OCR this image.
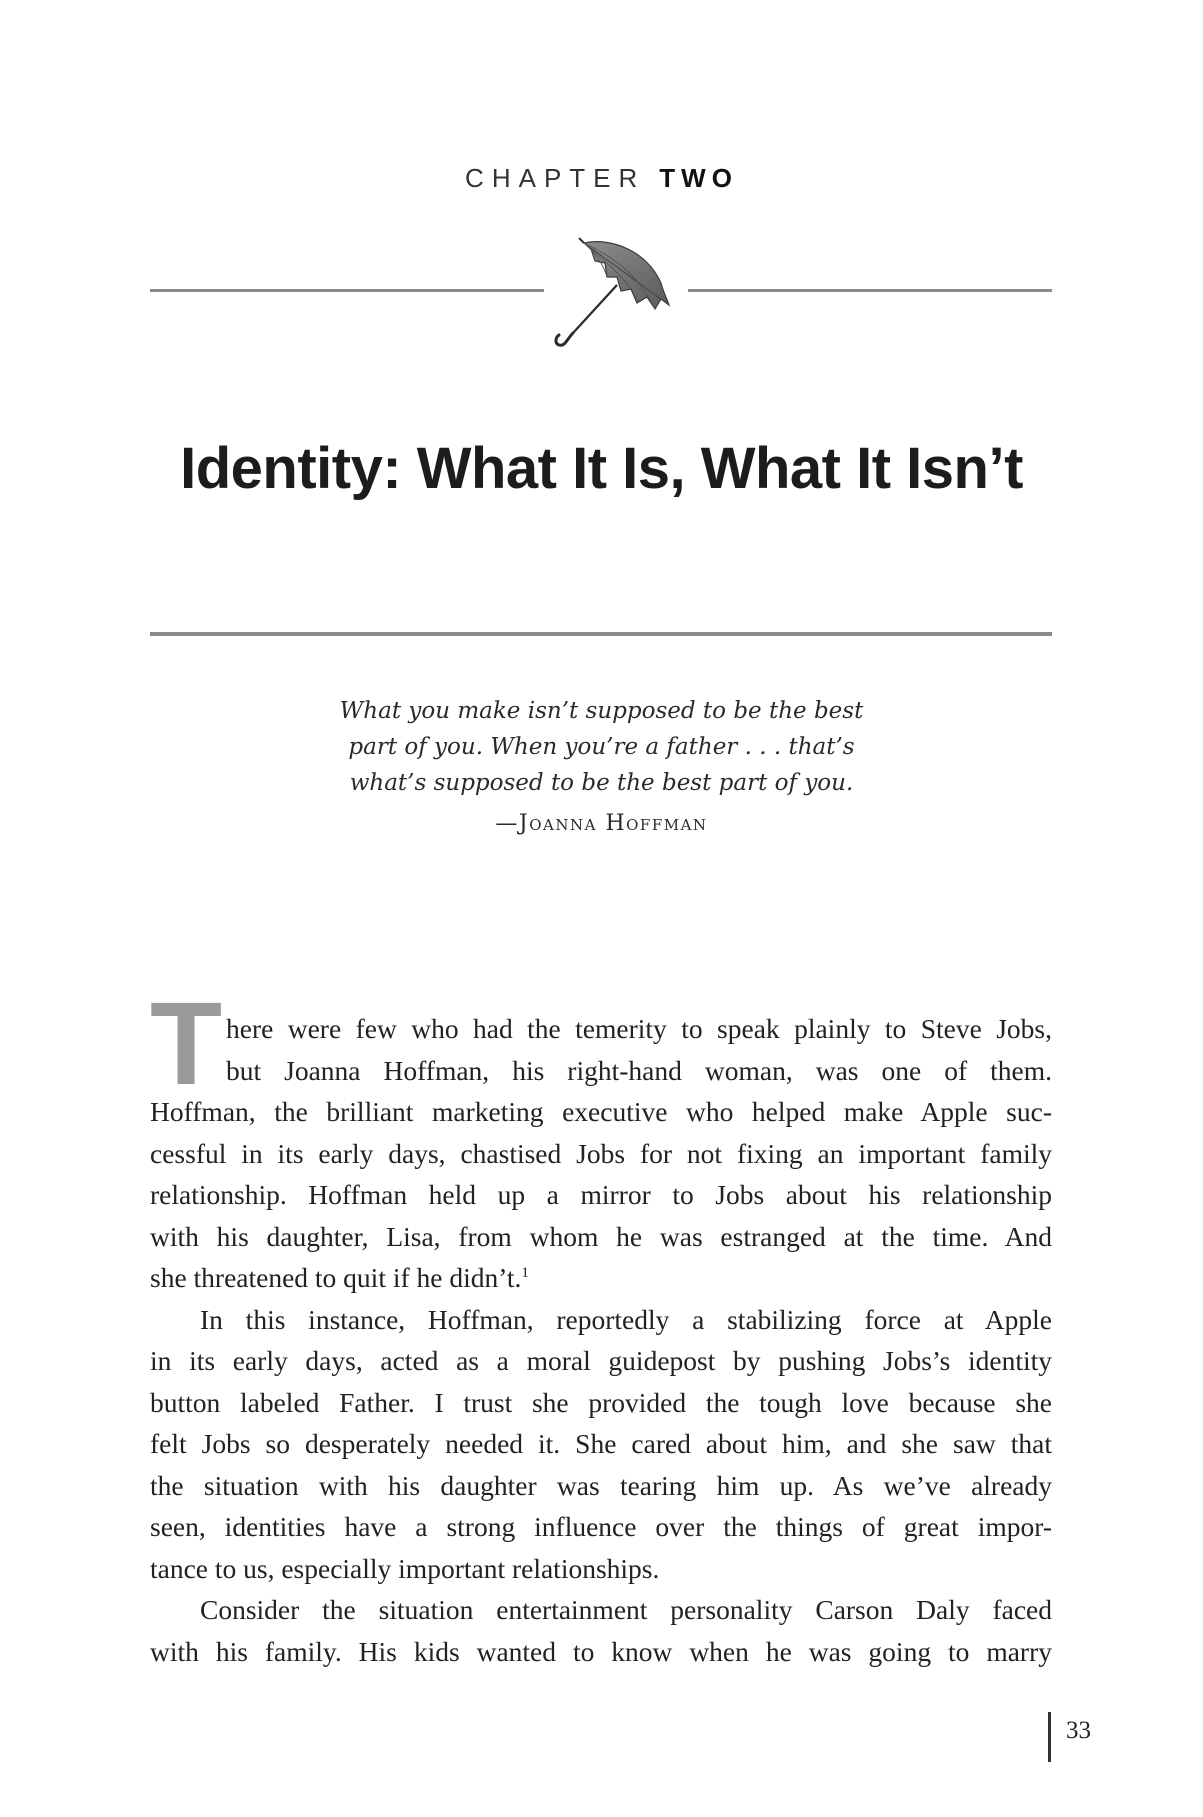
CHAPTER TWO
Identity: What It Is, What It Isn’t
What you make isn’t supposed to be the best
part of you. When you’re a father . . . that’s
what’s supposed to be the best part of you.
—Joanna Hoffman
T here were few who had the temerity to speak plainly to Steve Jobs,
but Joanna Hoffman, his right-hand woman, was one of them.
Hoffman, the brilliant marketing executive who helped make Apple suc-
cessful in its early days, chastised Jobs for not fixing an important family
relationship. Hoffman held up a mirror to Jobs about his relationship
with his daughter, Lisa, from whom he was estranged at the time. And
she threatened to quit if he didn’t.$^1$
In this instance, Hoffman, reportedly a stabilizing force at Apple
in its early days, acted as a moral guidepost by pushing Jobs’s identity
button labeled Father. I trust she provided the tough love because she
felt Jobs so desperately needed it. She cared about him, and she saw that
the situation with his daughter was tearing him up. As we’ve already
seen, identities have a strong influence over the things of great impor-
tance to us, especially important relationships.
Consider the situation entertainment personality Carson Daly faced
with his family. His kids wanted to know when he was going to marry
33
